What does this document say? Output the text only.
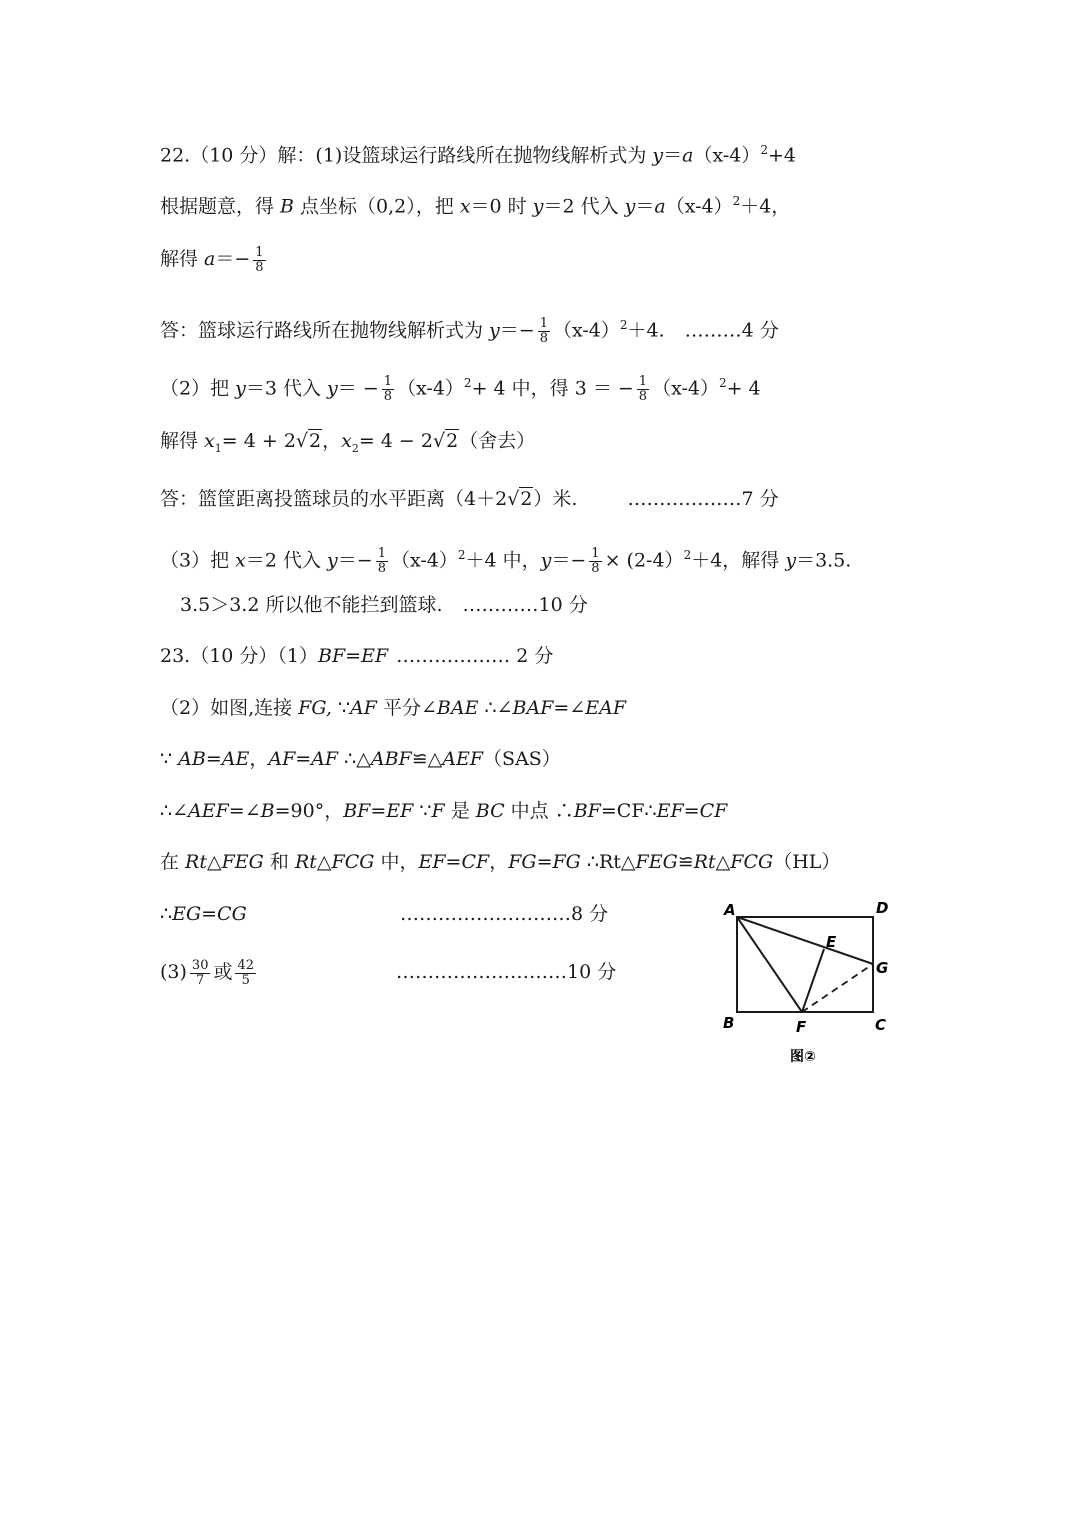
22.（10 分）解：(1)设篮球运行路线所在抛物线解析式为 $y=a(x-4)^2+4$
根据题意，得 B 点坐标（0,2），把 x＝0 时 y＝2 代入 $y=a(x-4)^2+4$，
解得 $a=- \frac{1}{8}$
答：篮球运行路线所在抛物线解析式为 $y=- \frac{1}{8} (x-4)^2+4$. ………4 分
（2）把 y＝3 代入 $y= - \frac{1}{8} (x-4)^2+ 4$ 中，得 3 ＝ − $\frac{1}{8} (x-4)^2+ 4$
解得 $x_1= 4 + 2√2$，$x_2= 4 - 2√2$（舍去）
答：篮筐距离投篮球员的水平距离（4＋2√2）米.	………………7 分
（3）把 x＝2 代入 $y=- \frac{1}{8} (x-4)^2+4$ 中，$y=- \frac{1}{8} \times (2-4)^2+4$，解得 y＝3.5.
3.5＞3.2 所以他不能拦到篮球. …………10 分
23.（10 分）（1）BF=EF ……………… 2 分
（2）如图,连接 FG, ∵AF 平分∠BAE ∴∠BAF=∠EAF
∵ AB=AE，AF=AF ∴△ABF≌△AEF（SAS）
∴∠AEF=∠B=90°，BF=EF ∵F 是 BC 中点 ∴BF=CF∴EF=CF
在 Rt△FEG 和 Rt△FCG 中，EF=CF，FG=FG ∴Rt△FEG≌Rt△FCG（HL）
∴EG=CG	………………………8 分
$(3) \frac{30}{7}$ 或 $\frac{42}{5}$	………………………10 分
A	D
E
G
B	F	C
图②
